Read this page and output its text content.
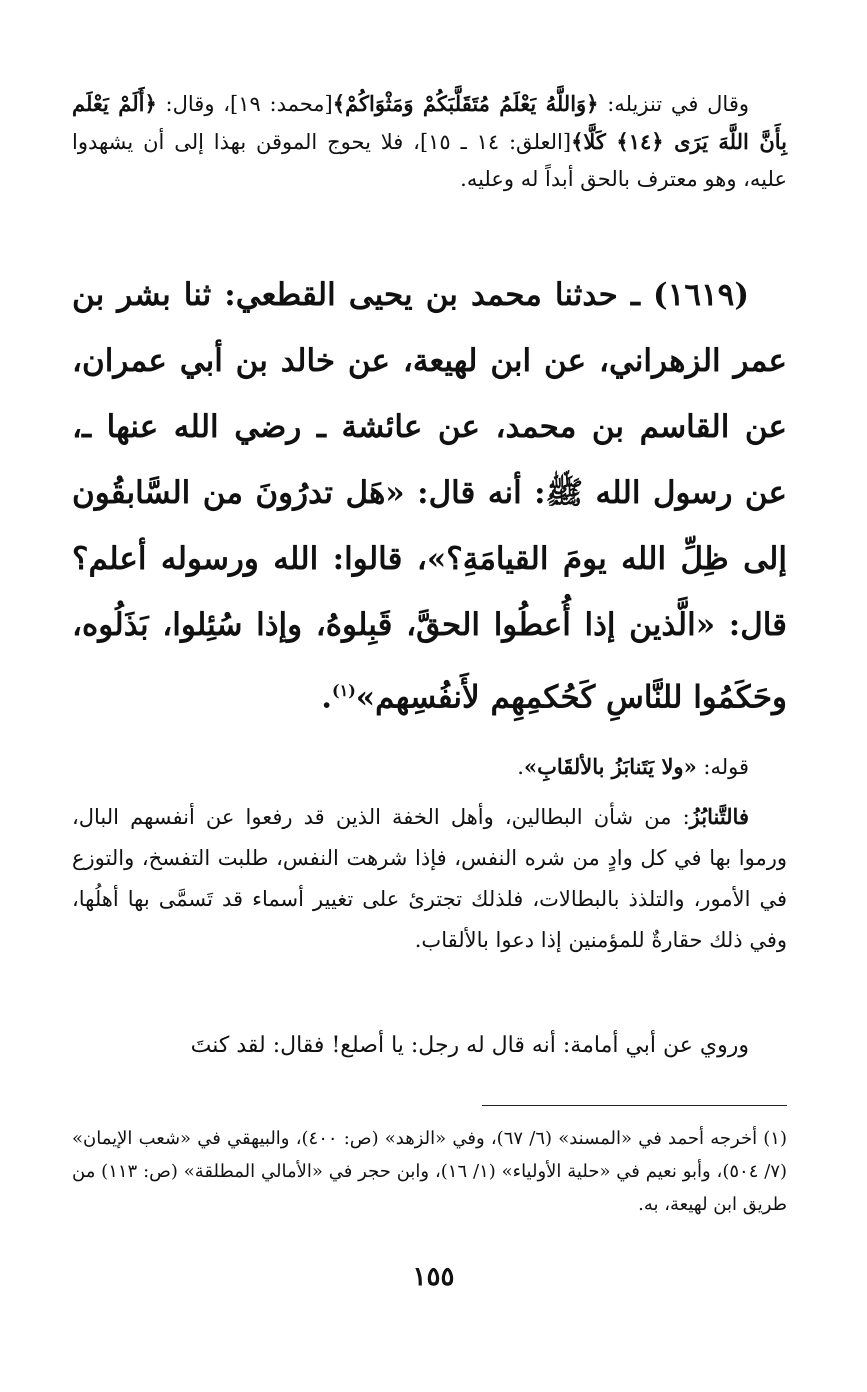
وقال في تنزيله: ﴿وَاللَّهُ يَعْلَمُ مُتَقَلَّبَكُمْ وَمَثْوَاكُمْ﴾[محمد: ١٩]، وقال: ﴿أَلَمْ يَعْلَم بِأَنَّ اللَّهَ يَرَى ﴿١٤﴾ كَلَّا﴾[العلق: ١٤ ـ ١٥]، فلا يحوج الموقن بهذا إلى أن يشهدوا عليه، وهو معترف بالحق أبداً له وعليه.

(١٦١٩) ـ حدثنا محمد بن يحيى القطعي: ثنا بشر بن عمر الزهراني، عن ابن لهيعة، عن خالد بن أبي عمران، عن القاسم بن محمد، عن عائشة ـ رضي الله عنها ـ، عن رسول الله ﷺ: أنه قال: «هَل تدرُونَ من السَّابقُون إلى ظِلِّ الله يومَ القيامَةِ؟»، قالوا: الله ورسوله أعلم؟ قال: «الَّذين إذا أُعطُوا الحقَّ، قَبِلوهُ، وإذا سُئِلوا، بَذَلُوه، وحَكَمُوا للنَّاسِ كَحُكمِهِم لأَنفُسِهم»$^{(١)}$.

قوله: «ولا يَتَنابَزُ بالألقَابِ».

فالتَّنابُزُ: من شأن البطالين، وأهل الخفة الذين قد رفعوا عن أنفسهم البال، ورموا بها في كل وادٍ من شره النفس، فإذا شرهت النفس، طلبت التفسخ، والتوزع في الأمور، والتلذذ بالبطالات، فلذلك تجترئ على تغيير أسماء قد تَسمَّى بها أهلُها، وفي ذلك حقارةٌ للمؤمنين إذا دعوا بالألقاب.

وروي عن أبي أمامة: أنه قال له رجل: يا أصلع! فقال: لقد كنتَ

(١) أخرجه أحمد في «المسند» (٦/ ٦٧)، وفي «الزهد» (ص: ٤٠٠)، والبيهقي في «شعب الإيمان» (٧/ ٥٠٤)، وأبو نعيم في «حلية الأولياء» (١/ ١٦)، وابن حجر في «الأمالي المطلقة» (ص: ١١٣) من طريق ابن لهيعة، به.

١٥٥
